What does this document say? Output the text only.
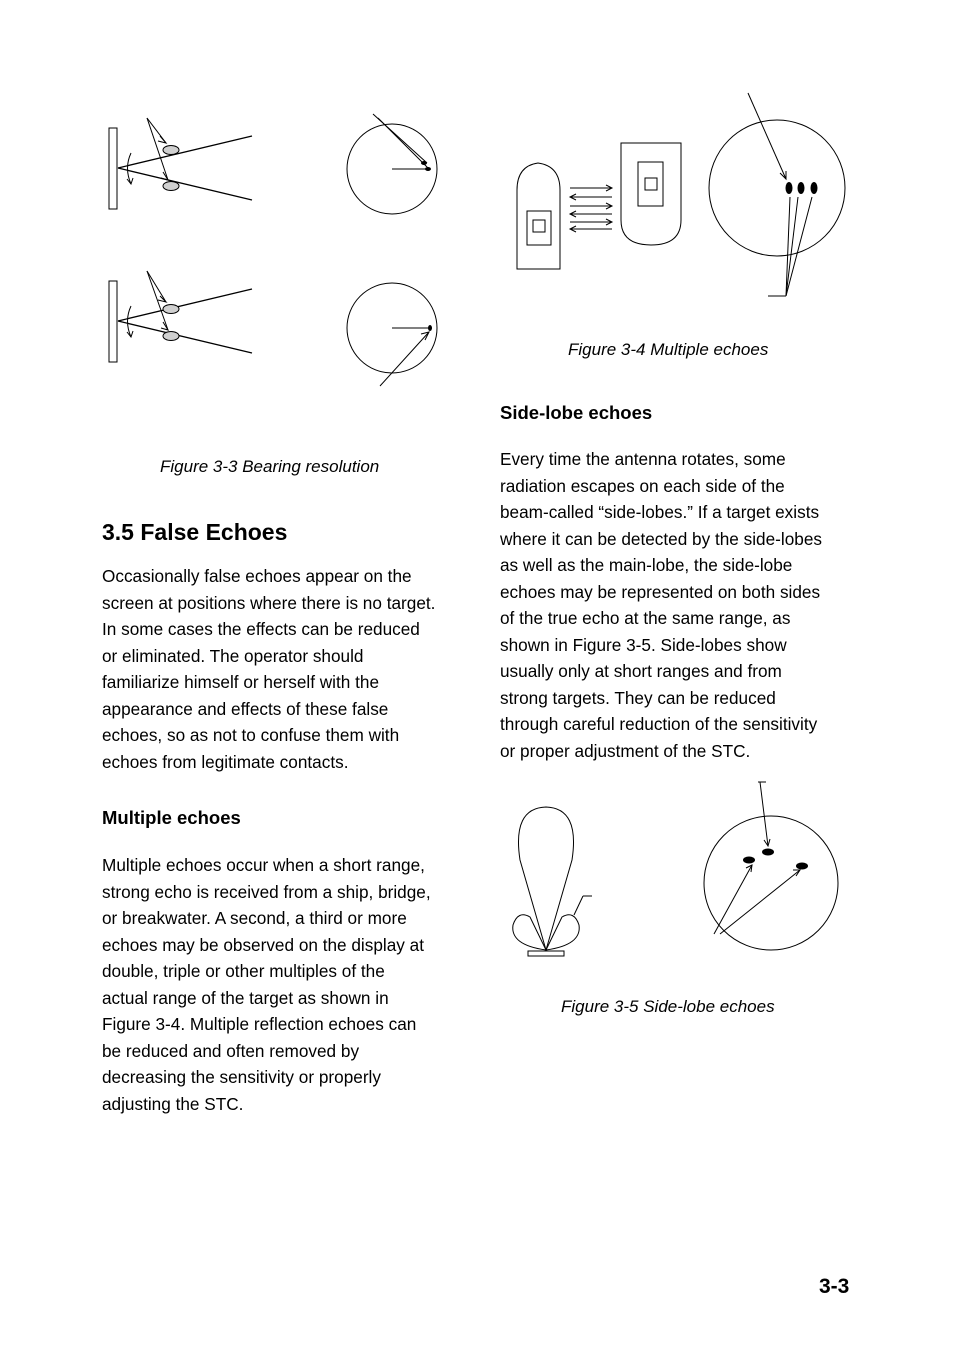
Figure 3-3 Bearing resolution
Figure 3-4 Multiple echoes
Side-lobe echoes
Every time the antenna rotates, some
radiation escapes on each side of the
beam-called “side-lobes.” If a target exists
where it can be detected by the side-lobes
as well as the main-lobe, the side-lobe
echoes may be represented on both sides
of the true echo at the same range, as
shown in Figure 3-5. Side-lobes show
usually only at short ranges and from
strong targets. They can be reduced
through careful reduction of the sensitivity
or proper adjustment of the STC.
Figure 3-5 Side-lobe echoes
3.5 False Echoes
Occasionally false echoes appear on the
screen at positions where there is no target.
In some cases the effects can be reduced
or eliminated. The operator should
familiarize himself or herself with the
appearance and effects of these false
echoes, so as not to confuse them with
echoes from legitimate contacts.
Multiple echoes
Multiple echoes occur when a short range,
strong echo is received from a ship, bridge,
or breakwater. A second, a third or more
echoes may be observed on the display at
double, triple or other multiples of the
actual range of the target as shown in
Figure 3-4. Multiple reflection echoes can
be reduced and often removed by
decreasing the sensitivity or properly
adjusting the STC.
3-3
